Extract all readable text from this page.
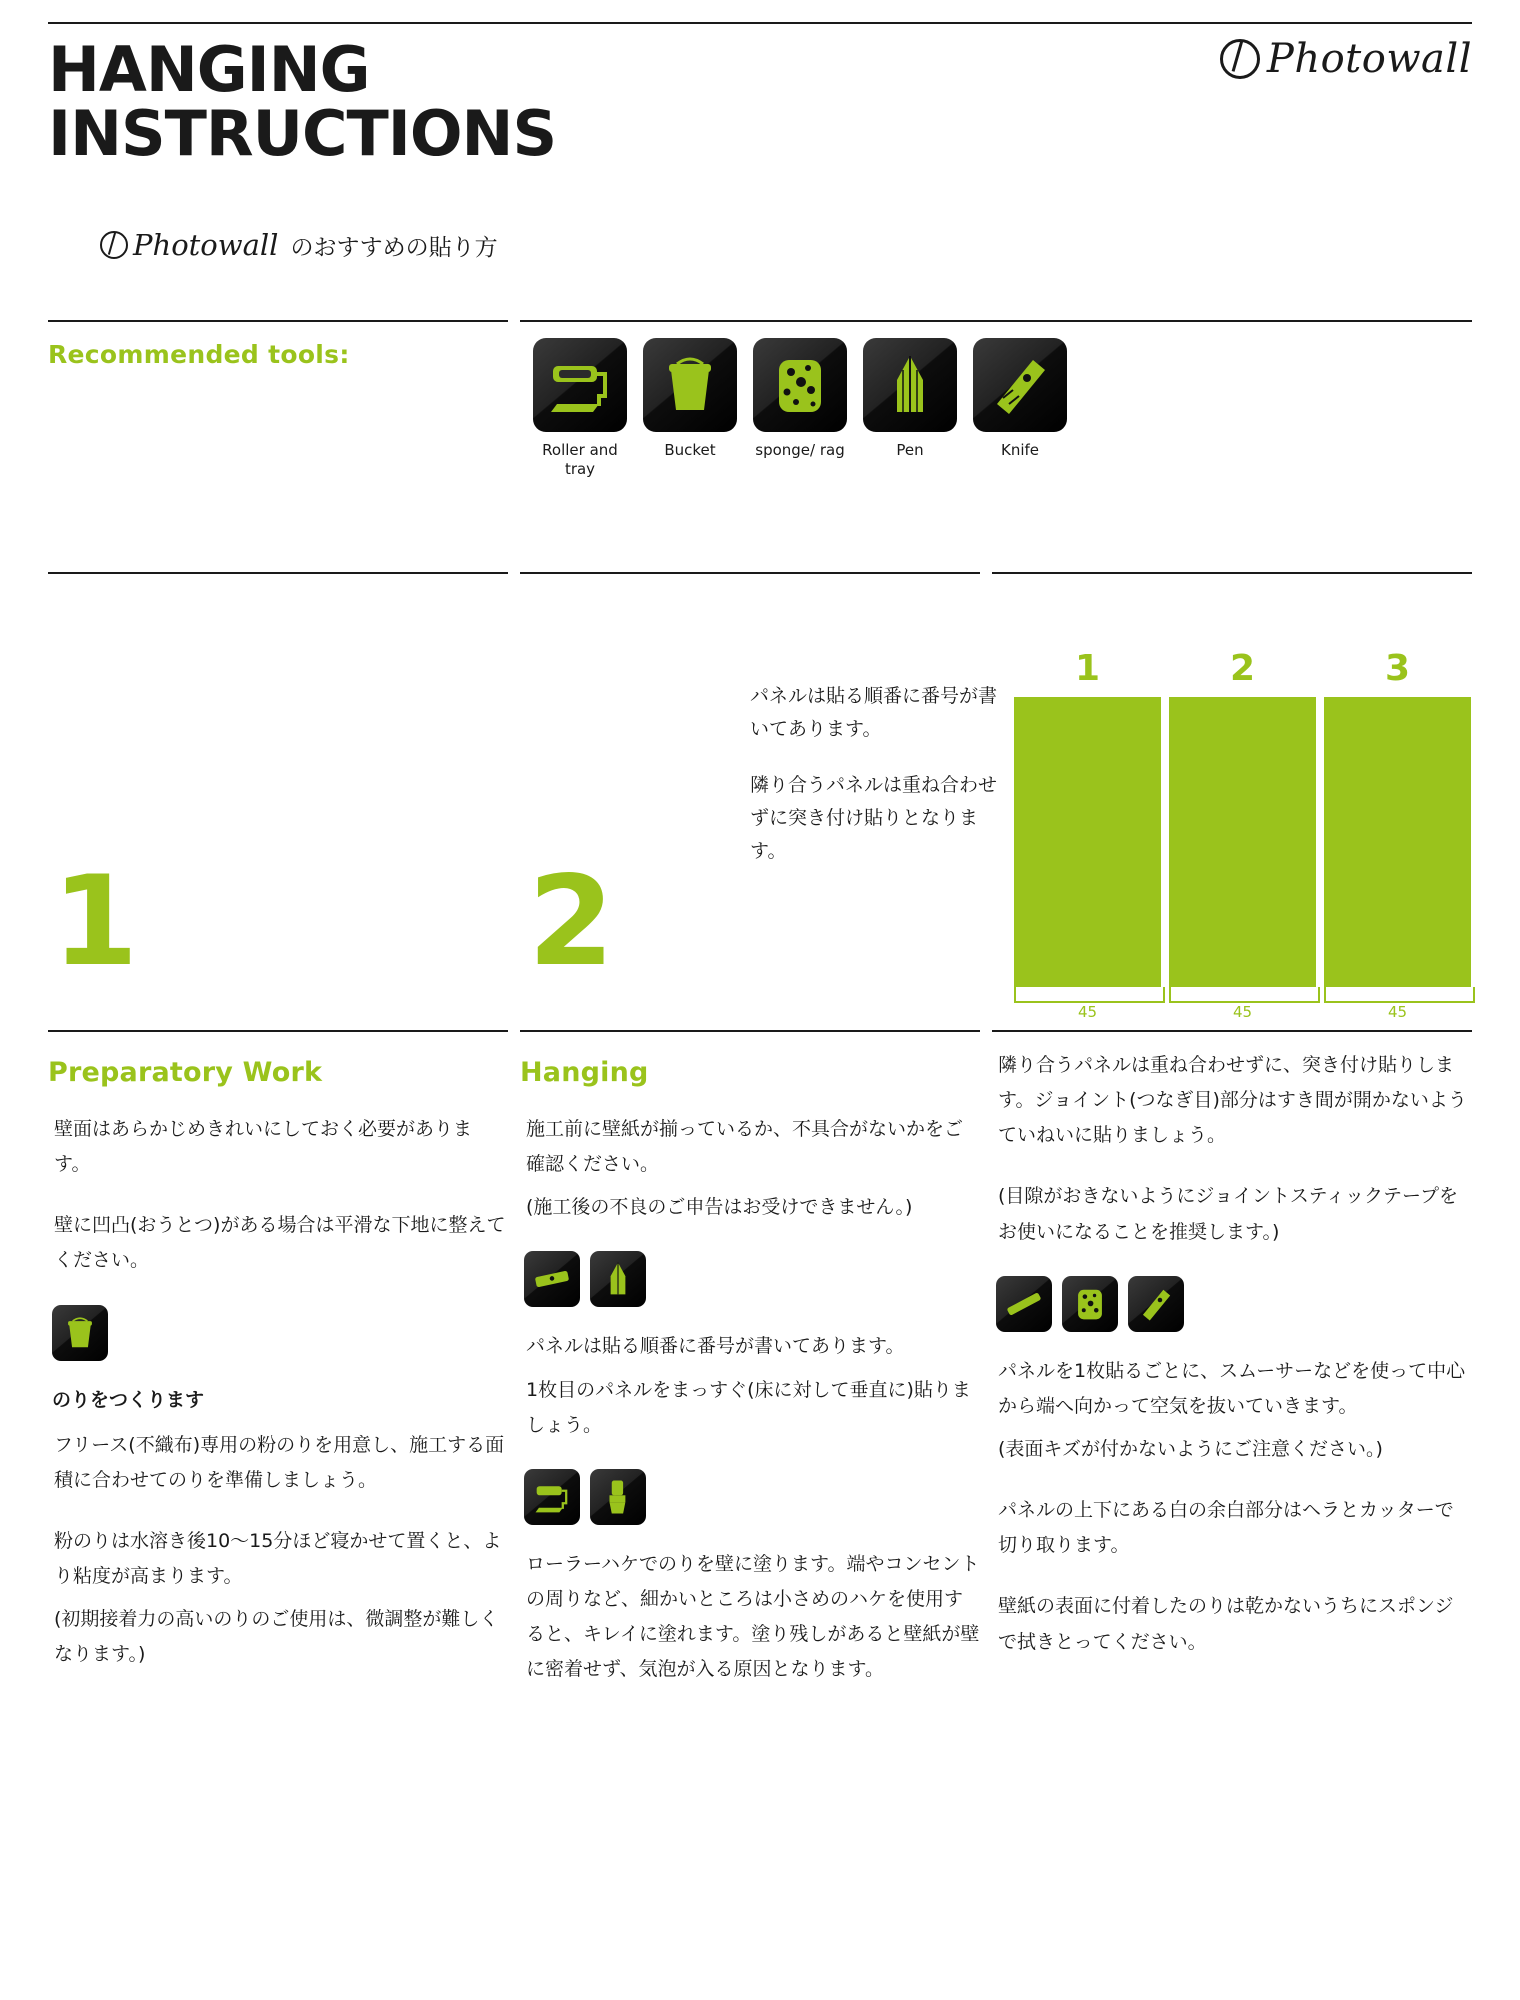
HANGING
INSTRUCTIONS
Photowall
Photowall のおすすめの貼り方
Recommended tools:
Roller and tray
Bucket	sponge/ rag	Pen	Knife
1	2

パネルは貼る順番に番号が書いてあります。

隣り合うパネルは重ね合わせずに突き付け貼りとなります。

1
45
2
45
3
45
Preparatory Work

壁面はあらかじめきれいにしておく必要があります。

壁に凹凸(おうとつ)がある場合は平滑な下地に整えてください。

のりをつくります

フリース(不織布)専用の粉のりを用意し、施工する面積に合わせてのりを準備しましょう。

粉のりは水溶き後10〜15分ほど寝かせて置くと、より粘度が高まります。

(初期接着力の高いのりのご使用は、微調整が難しくなります。)

Hanging

施工前に壁紙が揃っているか、不具合がないかをご確認ください。

(施工後の不良のご申告はお受けできません。)

パネルは貼る順番に番号が書いてあります。

1枚目のパネルをまっすぐ(床に対して垂直に)貼りましょう。

ローラーハケでのりを壁に塗ります。端やコンセントの周りなど、細かいところは小さめのハケを使用すると、キレイに塗れます。塗り残しがあると壁紙が壁に密着せず、気泡が入る原因となります。

隣り合うパネルは重ね合わせずに、突き付け貼りします。ジョイント(つなぎ目)部分はすき間が開かないようていねいに貼りましょう。

(目隙がおきないようにジョイントスティックテープをお使いになることを推奨します。)

パネルを1枚貼るごとに、スムーサーなどを使って中心から端へ向かって空気を抜いていきます。

(表面キズが付かないようにご注意ください。)

パネルの上下にある白の余白部分はヘラとカッターで切り取ります。

壁紙の表面に付着したのりは乾かないうちにスポンジで拭きとってください。
